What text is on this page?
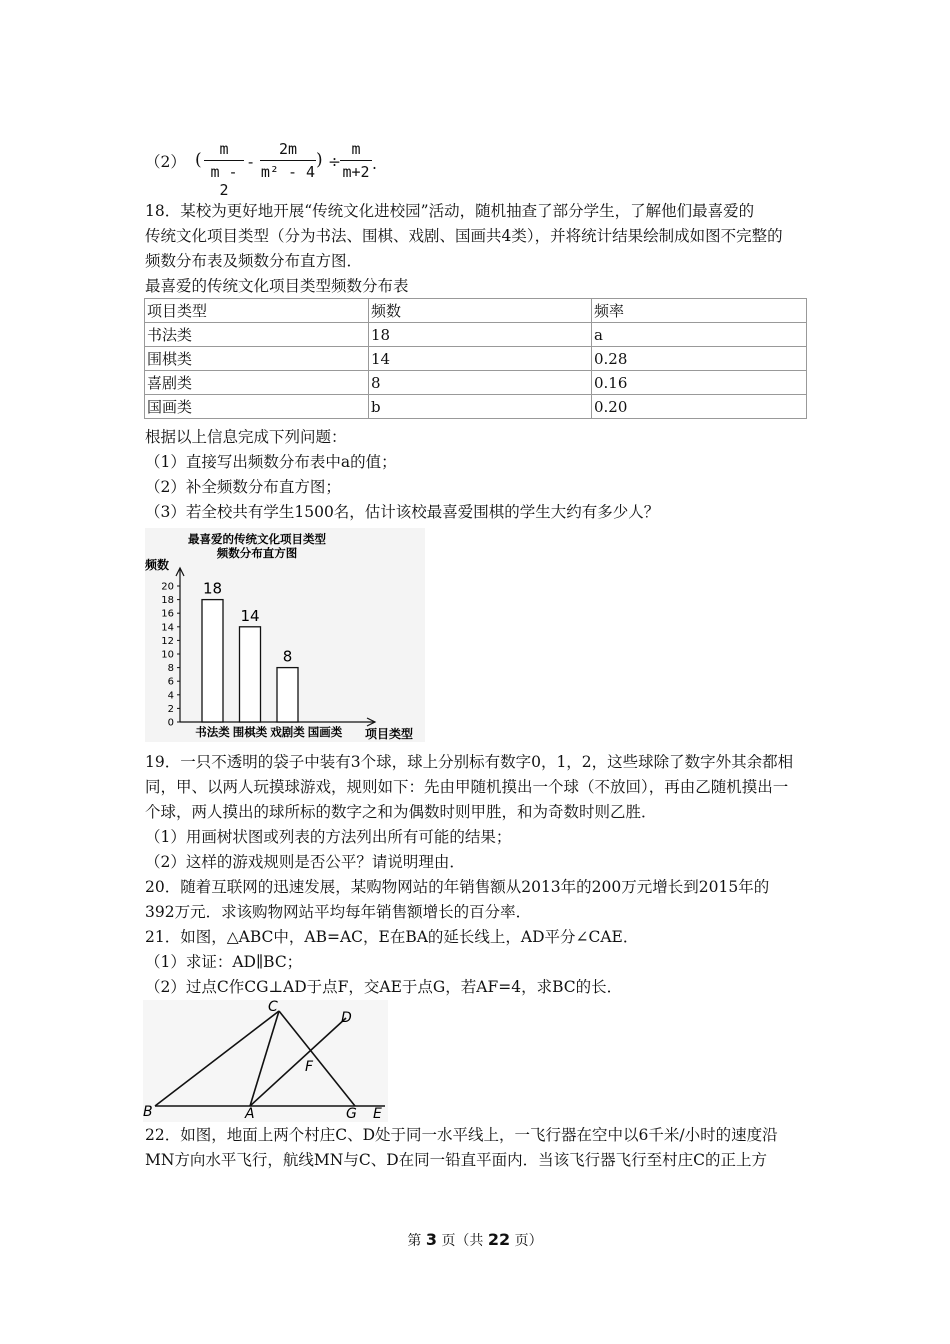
（2） (
m
m - 2
-
2m
m² - 4
) ÷
m
m+2 .
18．某校为更好地开展“传统文化进校园”活动，随机抽查了部分学生，了解他们最喜爱的
传统文化项目类型（分为书法、围棋、戏剧、国画共4类），并将统计结果绘制成如图不完整的
频数分布表及频数分布直方图．
最喜爱的传统文化项目类型频数分布表
项目类型	频数	频率
书法类	18	a
围棋类	14	0.28
喜剧类	8	0.16
国画类	b	0.20
根据以上信息完成下列问题：
（1）直接写出频数分布表中a的值；
（2）补全频数分布直方图；
（3）若全校共有学生1500名，估计该校最喜爱围棋的学生大约有多少人？
最喜爱的传统文化项目类型
频数分布直方图
频数
项目类型
0
2
4
6
8
10
12
14
16
18
20 18
14
8
书法类 围棋类 戏剧类 国画类
19．一只不透明的袋子中装有3个球，球上分别标有数字0，1，2，这些球除了数字外其余都相
同，甲、以两人玩摸球游戏，规则如下：先由甲随机摸出一个球（不放回），再由乙随机摸出一
个球，两人摸出的球所标的数字之和为偶数时则甲胜，和为奇数时则乙胜．
（1）用画树状图或列表的方法列出所有可能的结果；
（2）这样的游戏规则是否公平？请说明理由．
20．随着互联网的迅速发展，某购物网站的年销售额从2013年的200万元增长到2015年的
392万元．求该购物网站平均每年销售额增长的百分率．
21．如图，△ABC中，AB=AC，E在BA的延长线上，AD平分∠CAE．
（1）求证：AD∥BC；
（2）过点C作CG⊥AD于点F，交AE于点G，若AF=4，求BC的长．
C
D
F
B	A	G E
22．如图，地面上两个村庄C、D处于同一水平线上，一飞行器在空中以6千米/小时的速度沿
MN方向水平飞行，航线MN与C、D在同一铅直平面内．当该飞行器飞行至村庄C的正上方
第 3 页（共 22 页）
